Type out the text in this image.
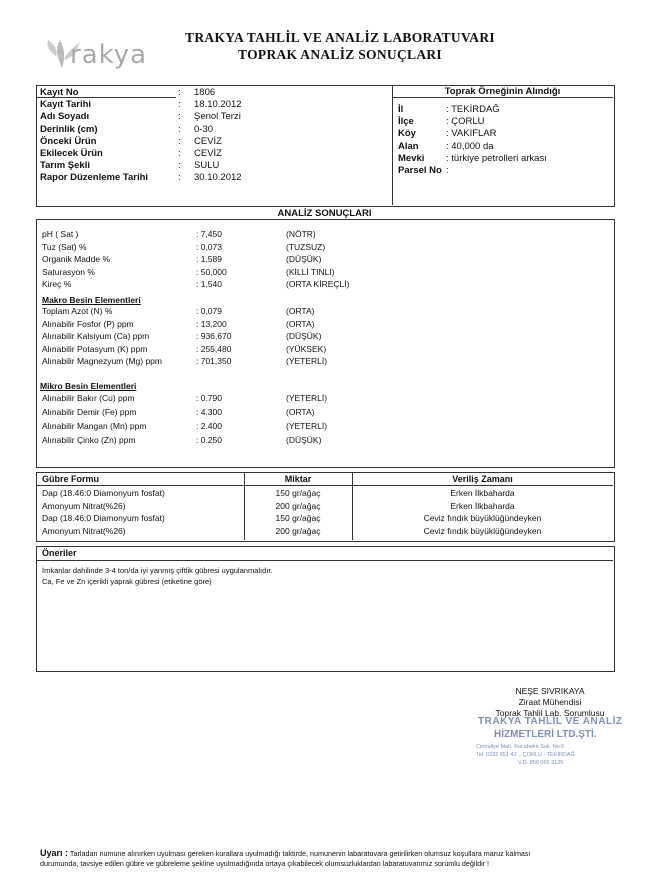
rakya
TRAKYA TAHLİL VE ANALİZ LABORATUVARI
TOPRAK ANALİZ SONUÇLARI
Kayıt No	: 1806
Kayıt Tarihi	: 18.10.2012
Adı Soyadı	: Şenol Terzi
Derinlik (cm)	: 0-30
Önceki Ürün	: CEVİZ
Ekilecek Ürün	: CEVİZ
Tarım Şekli	: SULU
Rapor Düzenleme Tarihi	: 30.10.2012
Toprak Örneğinin Alındığı
İl	: TEKİRDAĞ
İlçe	: ÇORLU
Köy	: VAKIFLAR
Alan	: 40,000 da
Mevki : türkiye petrolleri arkası
Parsel No :
ANALİZ SONUÇLARI
pH ( Sat )	: 7,450	(NÖTR)
Tuz (Sat) %	: 0,073	(TUZSUZ)
Organik Madde %	: 1,589	(DÜŞÜK)
Saturasyon %	: 50,000	(KİLLİ TINLI)
Kireç %	: 1,540	(ORTA KİREÇLİ)
Makro Besin Elementleri
Toplam Azot (N) %	: 0,079	(ORTA)
Alınabilir Fosfor (P) ppm	: 13,200	(ORTA)
Alınabilir Kalsiyum (Ca) ppm	: 936,670	(DÜŞÜK)
Alınabilir Potasyum (K) ppm	: 255,480	(YÜKSEK)
Alınabilir Magnezyum (Mg) ppm	: 701,350	(YETERLİ)
Mikro Besin Elementleri
Alınabilir Bakır (Cu) ppm	: 0.790	(YETERLİ)
Alınabilir Demir (Fe) ppm	: 4.300	(ORTA)
Alınabilir Mangan (Mn) ppm	: 2.400	(YETERLİ)
Alınabilir Çinko (Zn) ppm	: 0.250	(DÜŞÜK)
Gübre Formu	Miktar	Veriliş Zamanı
Dap (18.46:0 Diamonyum fosfat)	150 gr/ağaç	Erken İlkbaharda
Amonyum Nitrat(%26)	200 gr/ağaç	Erken İlkbaharda
Dap (18.46:0 Diamonyum fosfat)	150 gr/ağaç	Ceviz fındık büyüklüğündeyken
Amonyum Nitrat(%26)	200 gr/ağaç	Ceviz fındık büyüklüğündeyken
Öneriler
İmkanlar dahilinde 3-4 ton/da iyi yanmış çiftlik gübresi uygulanmalıdır.
Ca, Fe ve Zn içerikli yaprak gübresi (etiketine göre)
NEŞE SIVRIKAYA
Ziraat Mühendisi
Toprak Tahlil Lab. Sorumlusu
TRAKYA TAHLİL VE ANALİZ
HİZMETLERİ LTD.ŞTİ.
Cemaliye Mah. Kocabekir Sok. No:5
Tel: 0282 651 42 .. ÇORLU - TEKİRDAĞ
V.D. 850 065 3125
Uyarı : Tarladan numune alınırken uyulması gereken kurallara uyulmadığı taktirde, numunenin labaratuvara getirilirken olumsuz koşullara maruz kalması
durumunda, tavsiye edilen gübre ve gübreleme şekline uyulmadığında ortaya çıkabilecek olumsuzluklardan labaratuvarımız sorumlu değildir !
